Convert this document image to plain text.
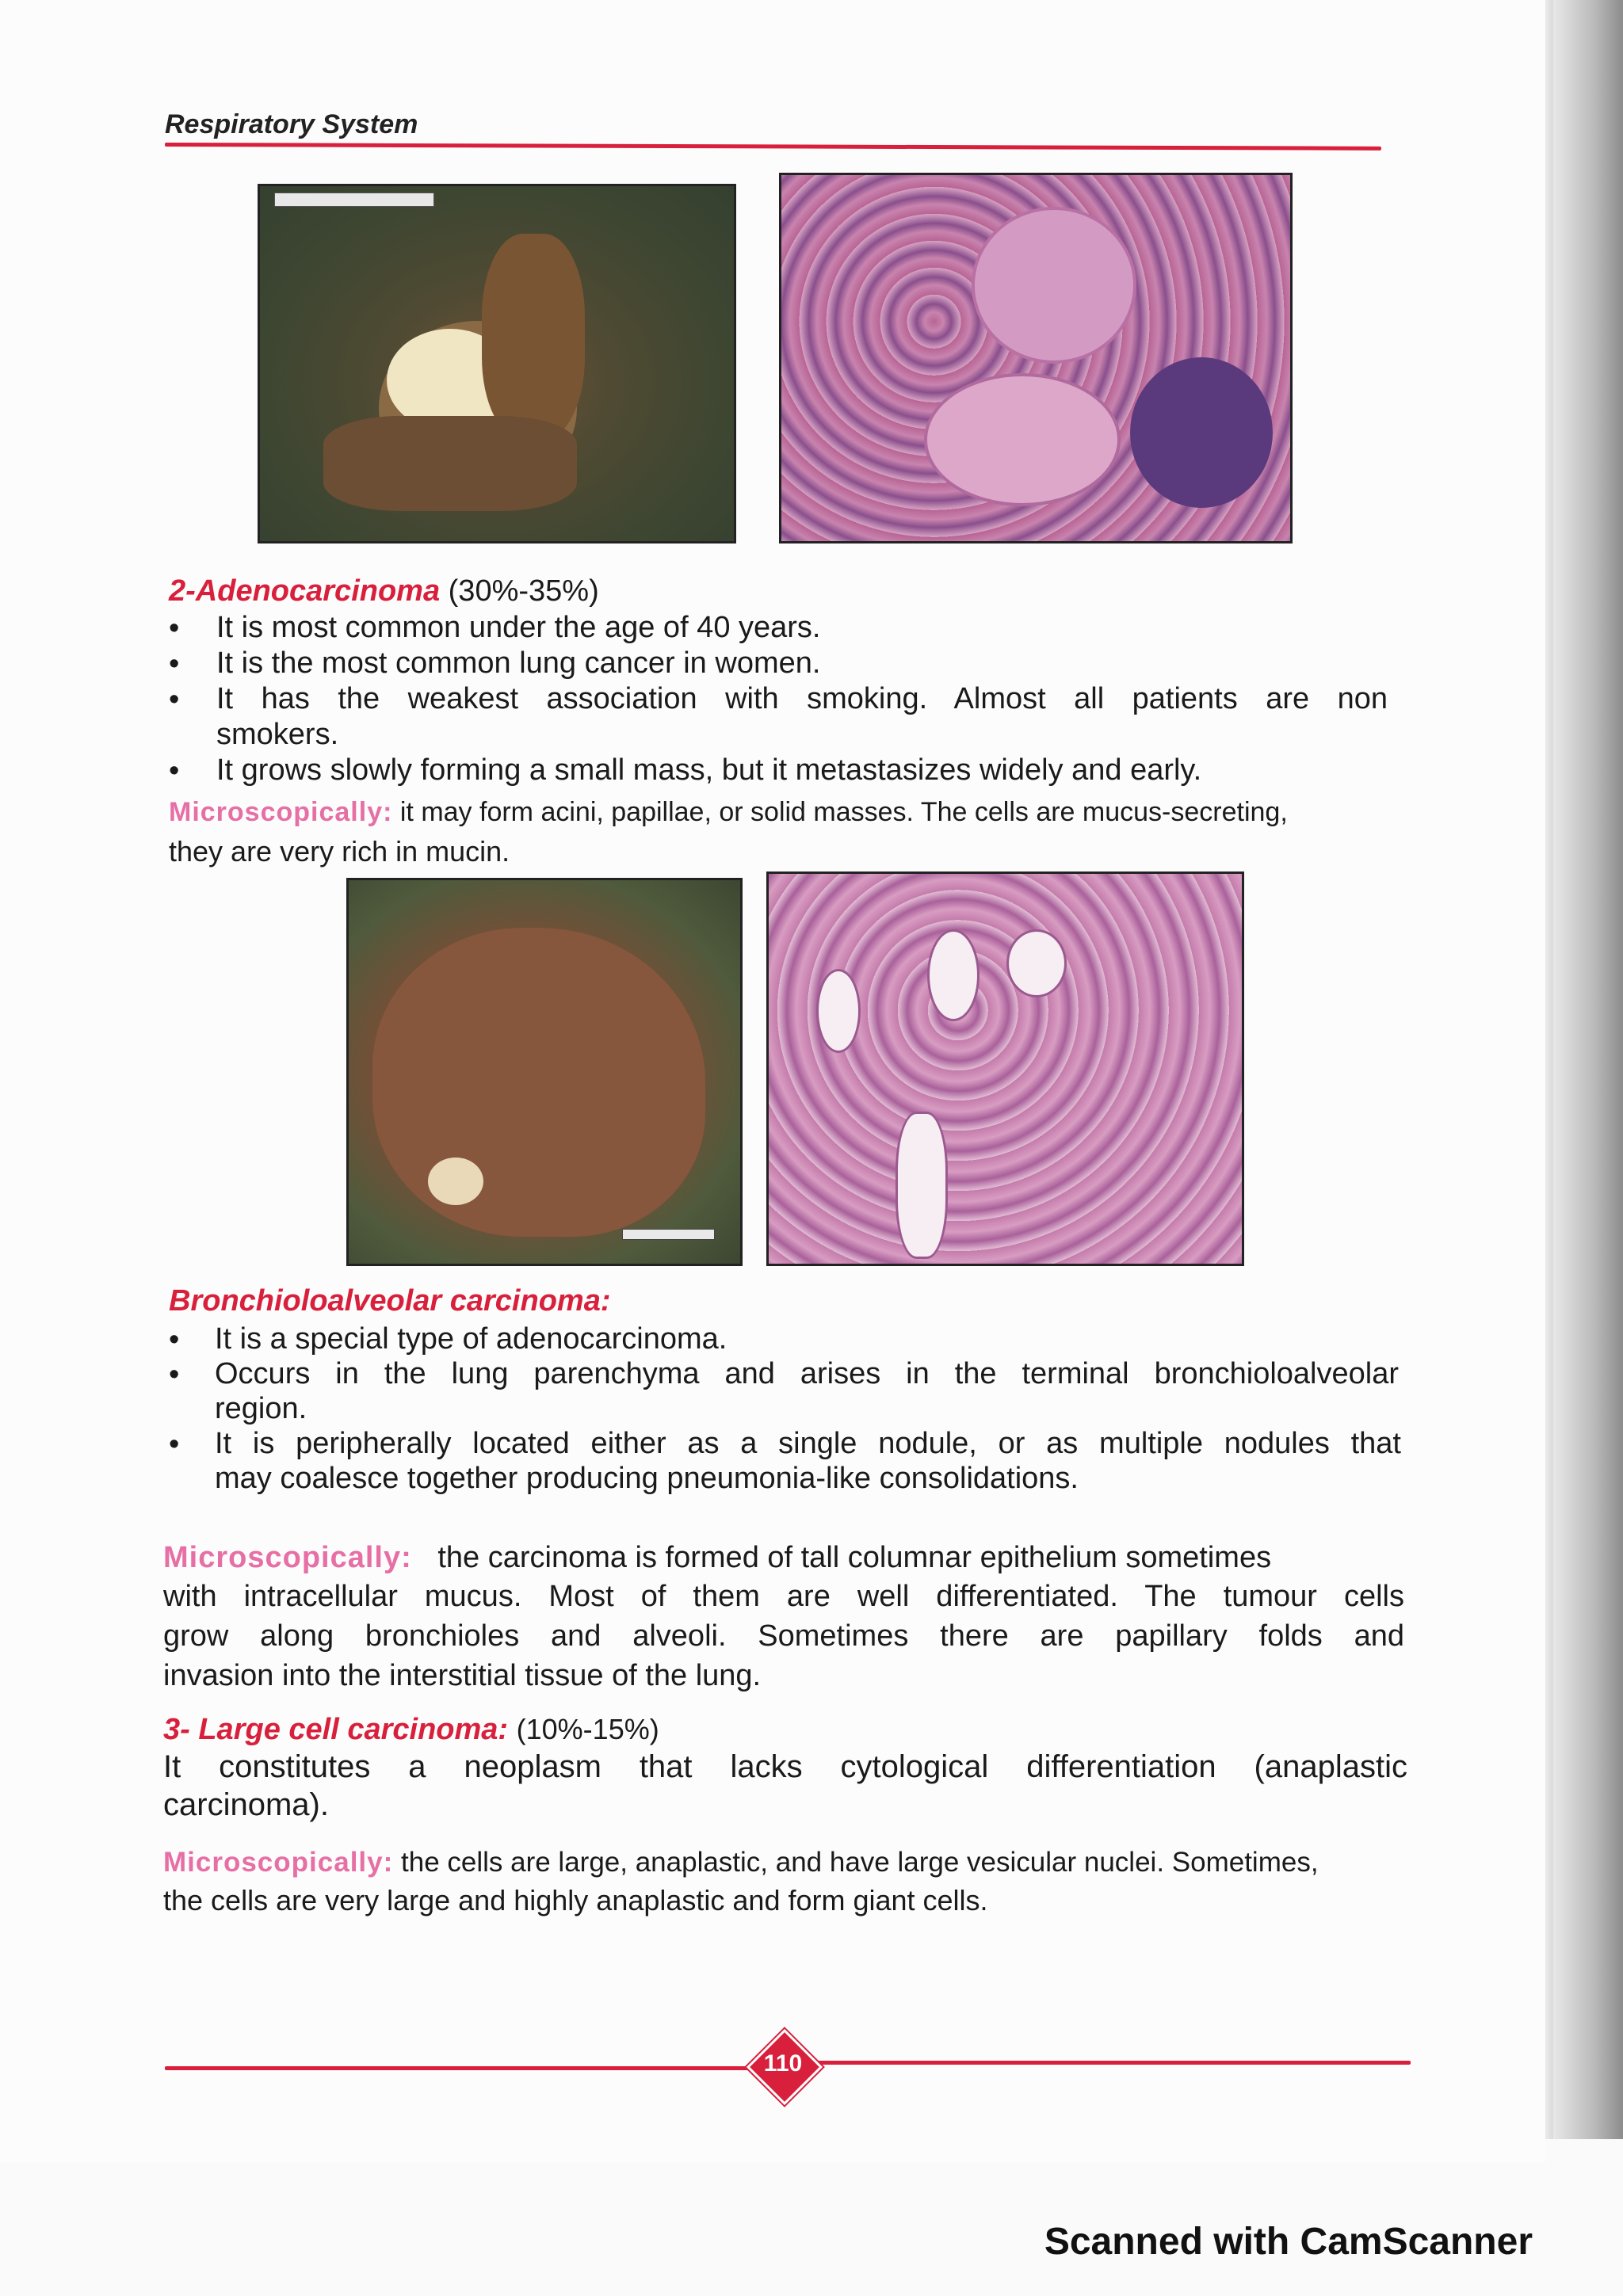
Respiratory System
2-Adenocarcinoma (30%-35%)
• It is most common under the age of 40 years.
• It is the most common lung cancer in women.
• It has the weakest association with smoking. Almost all patients are non
smokers.
• It grows slowly forming a small mass, but it metastasizes widely and early.
Microscopically: it may form acini, papillae, or solid masses. The cells are mucus-secreting,
they are very rich in mucin.
Bronchioloalveolar carcinoma:
• It is a special type of adenocarcinoma.
• Occurs in the lung parenchyma and arises in the terminal bronchioloalveolar
region.
• It is peripherally located either as a single nodule, or as multiple nodules that
may coalesce together producing pneumonia-like consolidations.
Microscopically: the carcinoma is formed of tall columnar epithelium sometimes
with intracellular mucus. Most of them are well differentiated. The tumour cells
grow along bronchioles and alveoli. Sometimes there are papillary folds and
invasion into the interstitial tissue of the lung.
3- Large cell carcinoma: (10%-15%)
It constitutes a neoplasm that lacks cytological differentiation (anaplastic
carcinoma).
Microscopically: the cells are large, anaplastic, and have large vesicular nuclei. Sometimes,
the cells are very large and highly anaplastic and form giant cells.
110
Scanned with CamScanner
